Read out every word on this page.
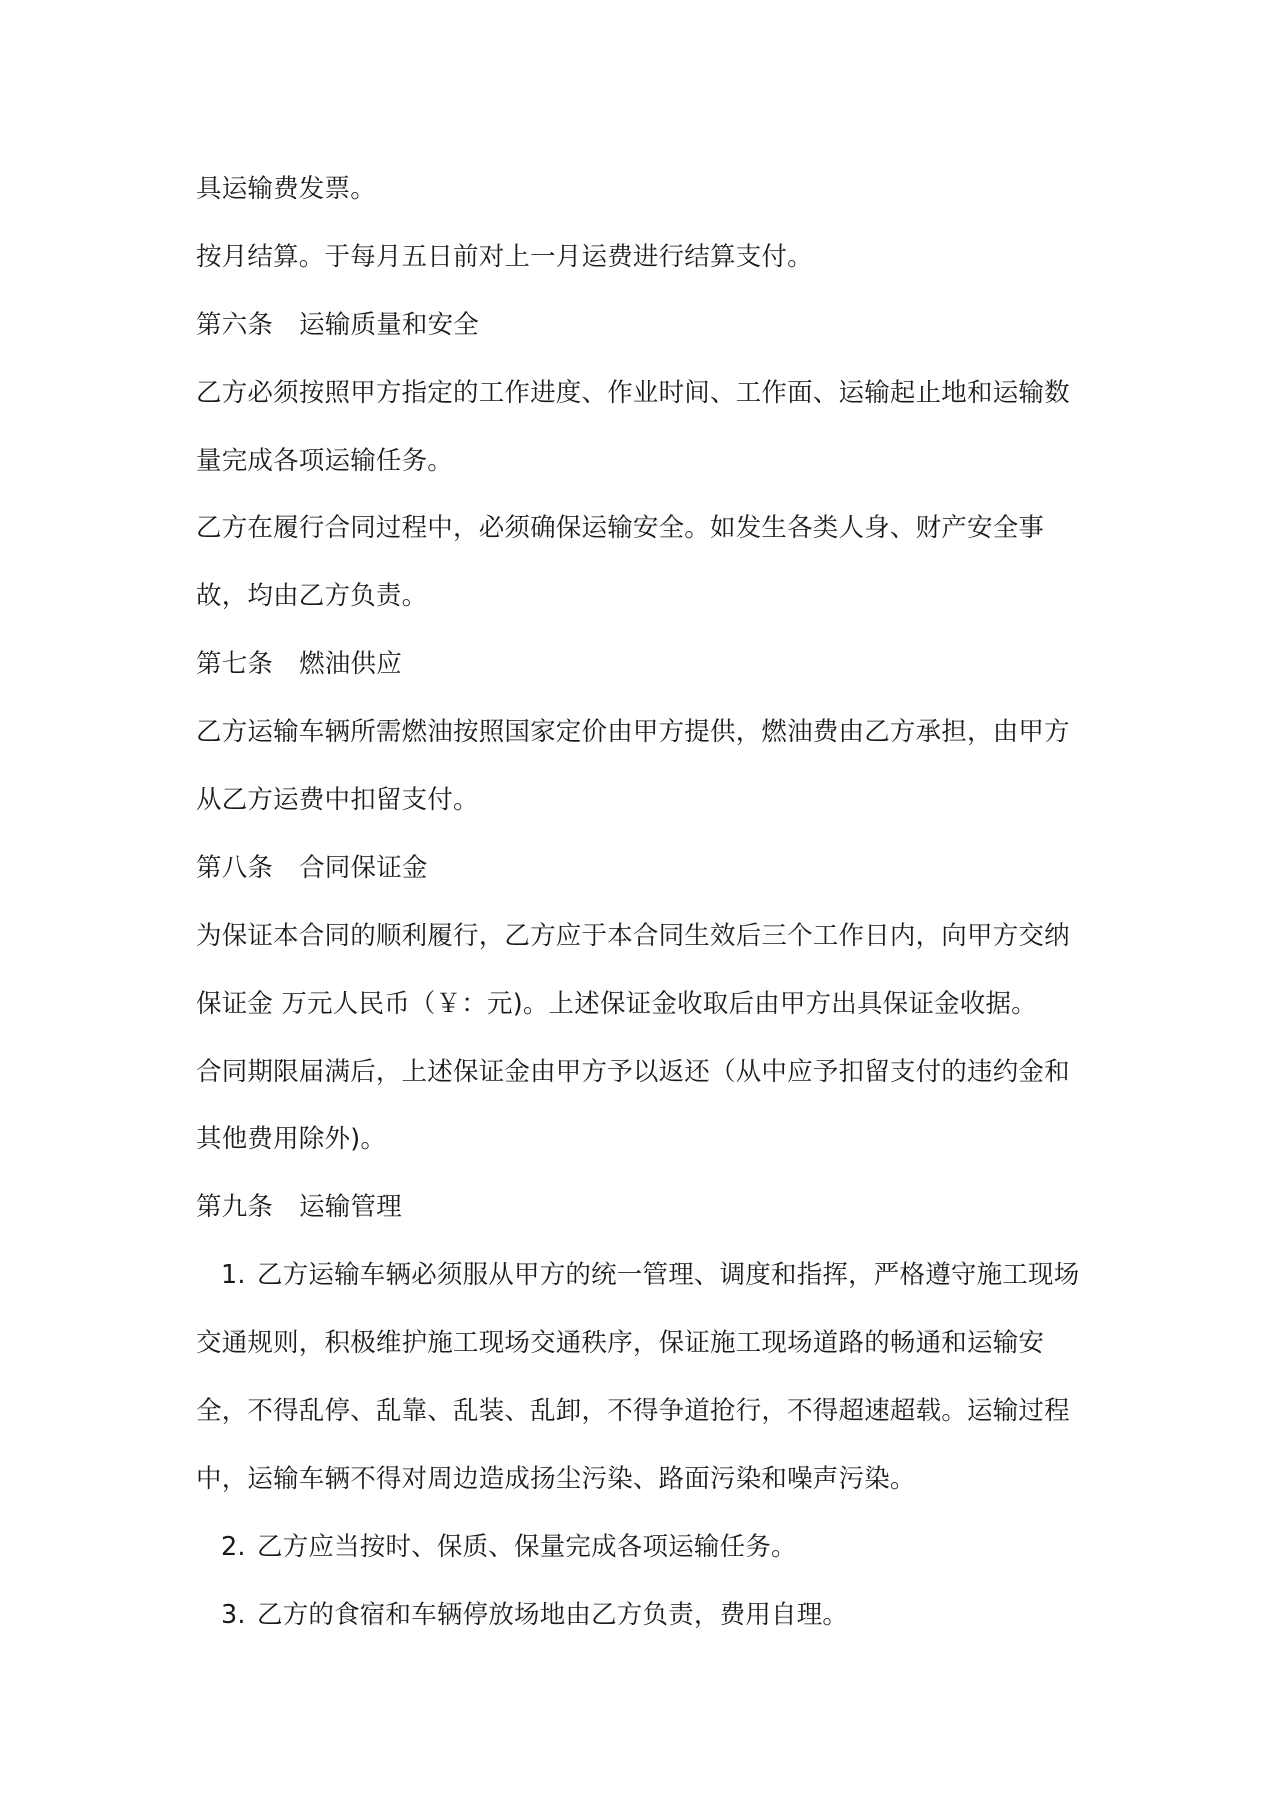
具运输费发票。
按月结算。于每月五日前对上一月运费进行结算支付。
第六条 运输质量和安全
乙方必须按照甲方指定的工作进度、作业时间、工作面、运输起止地和运输数
量完成各项运输任务。
乙方在履行合同过程中，必须确保运输安全。如发生各类人身、财产安全事
故，均由乙方负责。
第七条 燃油供应
乙方运输车辆所需燃油按照国家定价由甲方提供，燃油费由乙方承担，由甲方
从乙方运费中扣留支付。
第八条 合同保证金
为保证本合同的顺利履行，乙方应于本合同生效后三个工作日内，向甲方交纳
保证金 万元人民币（￥：元)。上述保证金收取后由甲方出具保证金收据。
合同期限届满后，上述保证金由甲方予以返还（从中应予扣留支付的违约金和
其他费用除外)。
第九条 运输管理
1. 乙方运输车辆必须服从甲方的统一管理、调度和指挥，严格遵守施工现场
交通规则，积极维护施工现场交通秩序，保证施工现场道路的畅通和运输安
全，不得乱停、乱靠、乱装、乱卸，不得争道抢行，不得超速超载。运输过程
中，运输车辆不得对周边造成扬尘污染、路面污染和噪声污染。
2. 乙方应当按时、保质、保量完成各项运输任务。
3. 乙方的食宿和车辆停放场地由乙方负责，费用自理。
